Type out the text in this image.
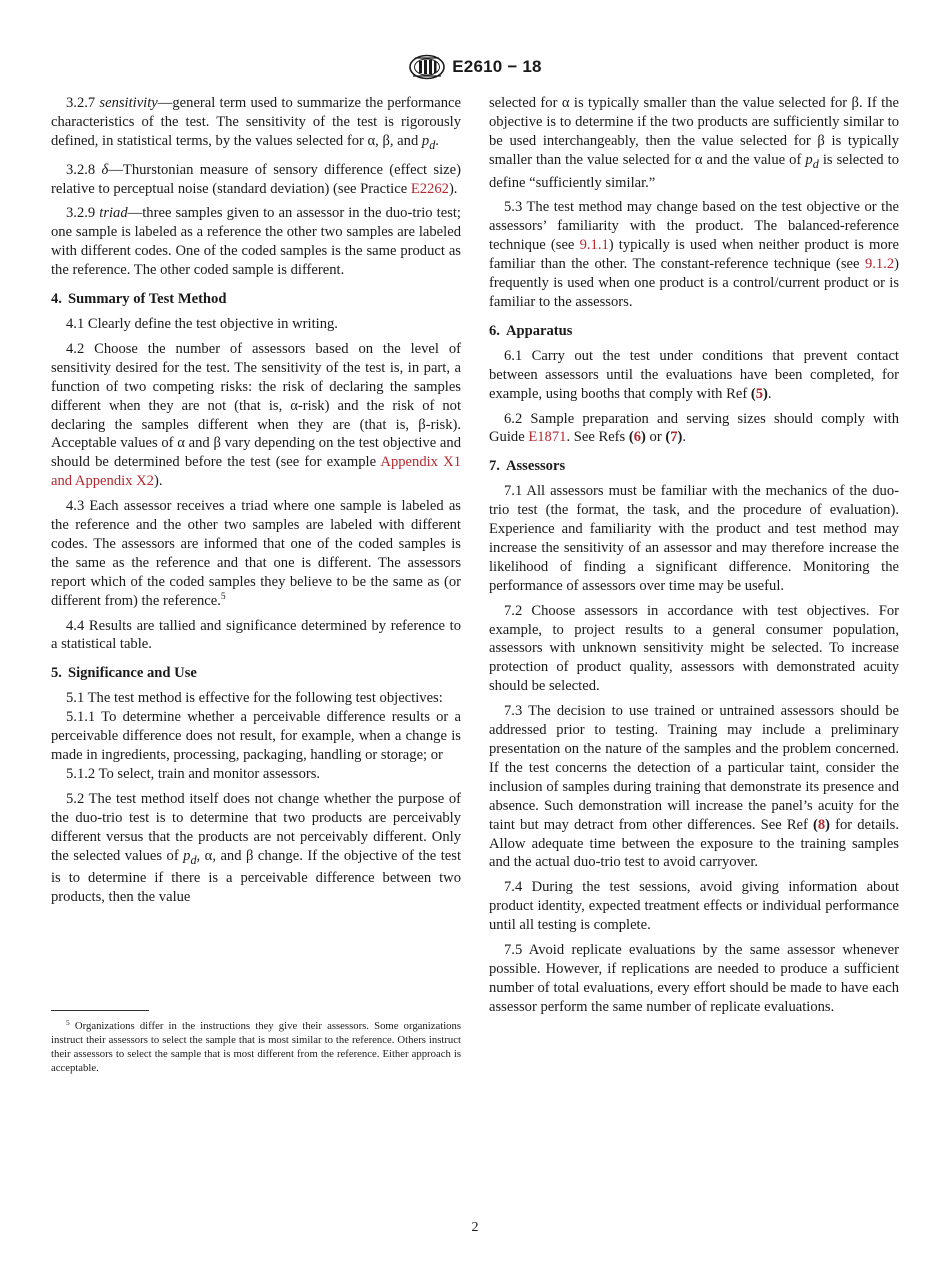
E2610 − 18

3.2.7 sensitivity—general term used to summarize the performance characteristics of the test. The sensitivity of the test is rigorously defined, in statistical terms, by the values selected for α, β, and $p_d$.

3.2.8 δ—Thurstonian measure of sensory difference (effect size) relative to perceptual noise (standard deviation) (see Practice E2262).

3.2.9 triad—three samples given to an assessor in the duo-trio test; one sample is labeled as a reference the other two samples are labeled with different codes. One of the coded samples is the same product as the reference. The other coded sample is different.

4. Summary of Test Method

4.1 Clearly define the test objective in writing.

4.2 Choose the number of assessors based on the level of sensitivity desired for the test. The sensitivity of the test is, in part, a function of two competing risks: the risk of declaring the samples different when they are not (that is, α-risk) and the risk of not declaring the samples different when they are (that is, β-risk). Acceptable values of α and β vary depending on the test objective and should be determined before the test (see for example Appendix X1 and Appendix X2).

4.3 Each assessor receives a triad where one sample is labeled as the reference and the other two samples are labeled with different codes. The assessors are informed that one of the coded samples is the same as the reference and that one is different. The assessors report which of the coded samples they believe to be the same as (or different from) the reference.$^5$

4.4 Results are tallied and significance determined by reference to a statistical table.

5. Significance and Use

5.1 The test method is effective for the following test objectives:

5.1.1 To determine whether a perceivable difference results or a perceivable difference does not result, for example, when a change is made in ingredients, processing, packaging, handling or storage; or

5.1.2 To select, train and monitor assessors.

5.2 The test method itself does not change whether the purpose of the duo-trio test is to determine that two products are perceivably different versus that the products are not perceivably different. Only the selected values of $p_d$, α, and β change. If the objective of the test is to determine if there is a perceivable difference between two products, then the value

$^5$ Organizations differ in the instructions they give their assessors. Some organizations instruct their assessors to select the sample that is most similar to the reference. Others instruct their assessors to select the sample that is most different from the reference. Either approach is acceptable.

selected for α is typically smaller than the value selected for β. If the objective is to determine if the two products are sufficiently similar to be used interchangeably, then the value selected for β is typically smaller than the value selected for α and the value of $p_d$ is selected to define “sufficiently similar.”

5.3 The test method may change based on the test objective or the assessors’ familiarity with the product. The balanced-reference technique (see 9.1.1) typically is used when neither product is more familiar than the other. The constant-reference technique (see 9.1.2) frequently is used when one product is a control/current product or is familiar to the assessors.

6. Apparatus

6.1 Carry out the test under conditions that prevent contact between assessors until the evaluations have been completed, for example, using booths that comply with Ref (5).

6.2 Sample preparation and serving sizes should comply with Guide E1871. See Refs (6) or (7).

7. Assessors

7.1 All assessors must be familiar with the mechanics of the duo-trio test (the format, the task, and the procedure of evaluation). Experience and familiarity with the product and test method may increase the sensitivity of an assessor and may therefore increase the likelihood of finding a significant difference. Monitoring the performance of assessors over time may be useful.

7.2 Choose assessors in accordance with test objectives. For example, to project results to a general consumer population, assessors with unknown sensitivity might be selected. To increase protection of product quality, assessors with demonstrated acuity should be selected.

7.3 The decision to use trained or untrained assessors should be addressed prior to testing. Training may include a preliminary presentation on the nature of the samples and the problem concerned. If the test concerns the detection of a particular taint, consider the inclusion of samples during training that demonstrate its presence and absence. Such demonstration will increase the panel’s acuity for the taint but may detract from other differences. See Ref (8) for details. Allow adequate time between the exposure to the training samples and the actual duo-trio test to avoid carryover.

7.4 During the test sessions, avoid giving information about product identity, expected treatment effects or individual performance until all testing is complete.

7.5 Avoid replicate evaluations by the same assessor whenever possible. However, if replications are needed to produce a sufficient number of total evaluations, every effort should be made to have each assessor perform the same number of replicate evaluations.

2
